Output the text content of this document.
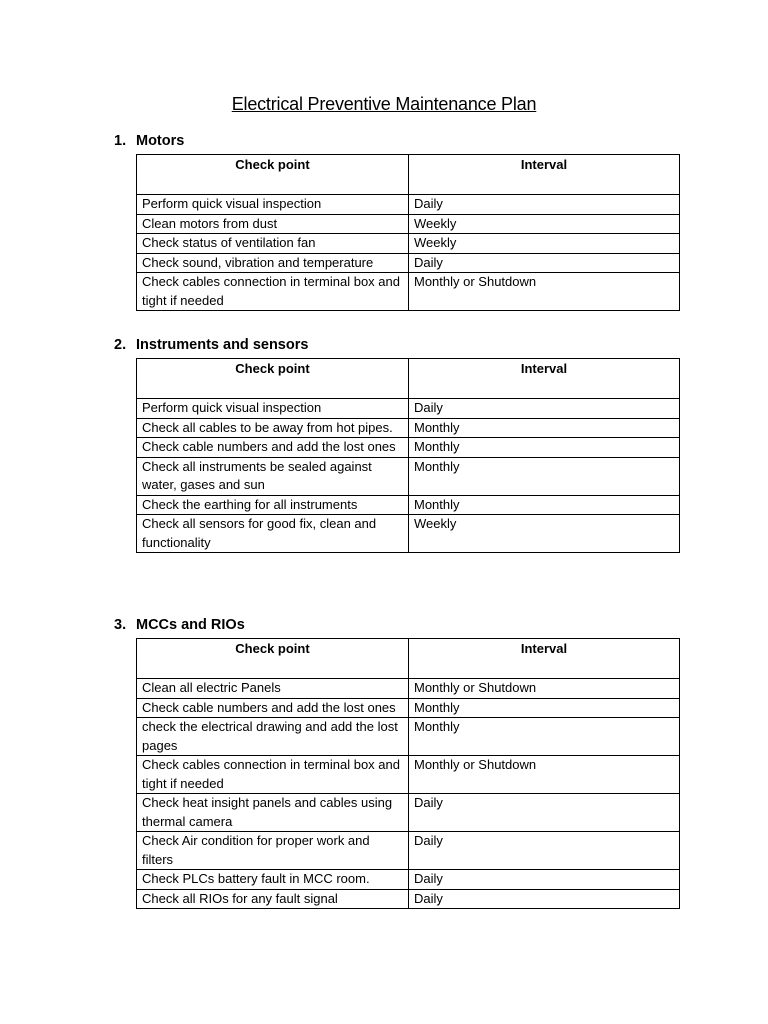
Electrical Preventive Maintenance Plan
1. Motors
Check point	Interval
Perform quick visual inspection	Daily
Clean motors from dust	Weekly
Check status of ventilation fan	Weekly
Check sound, vibration and temperature	Daily
Check cables connection in terminal box and tight if needed	Monthly or Shutdown
2. Instruments and sensors
Check point	Interval
Perform quick visual inspection	Daily
Check all cables to be away from hot pipes.	Monthly
Check cable numbers and add the lost ones	Monthly
Check all instruments be sealed against water, gases and sun	Monthly
Check the earthing for all instruments	Monthly
Check all sensors for good fix, clean and functionality	Weekly
3. MCCs and RIOs
Check point	Interval
Clean all electric Panels	Monthly or Shutdown
Check cable numbers and add the lost ones	Monthly
check the electrical drawing and add the lost pages	Monthly
Check cables connection in terminal box and tight if needed	Monthly or Shutdown
Check heat insight panels and cables using thermal camera	Daily
Check Air condition for proper work and filters	Daily
Check PLCs battery fault in MCC room.	Daily
Check all RIOs for any fault signal	Daily
